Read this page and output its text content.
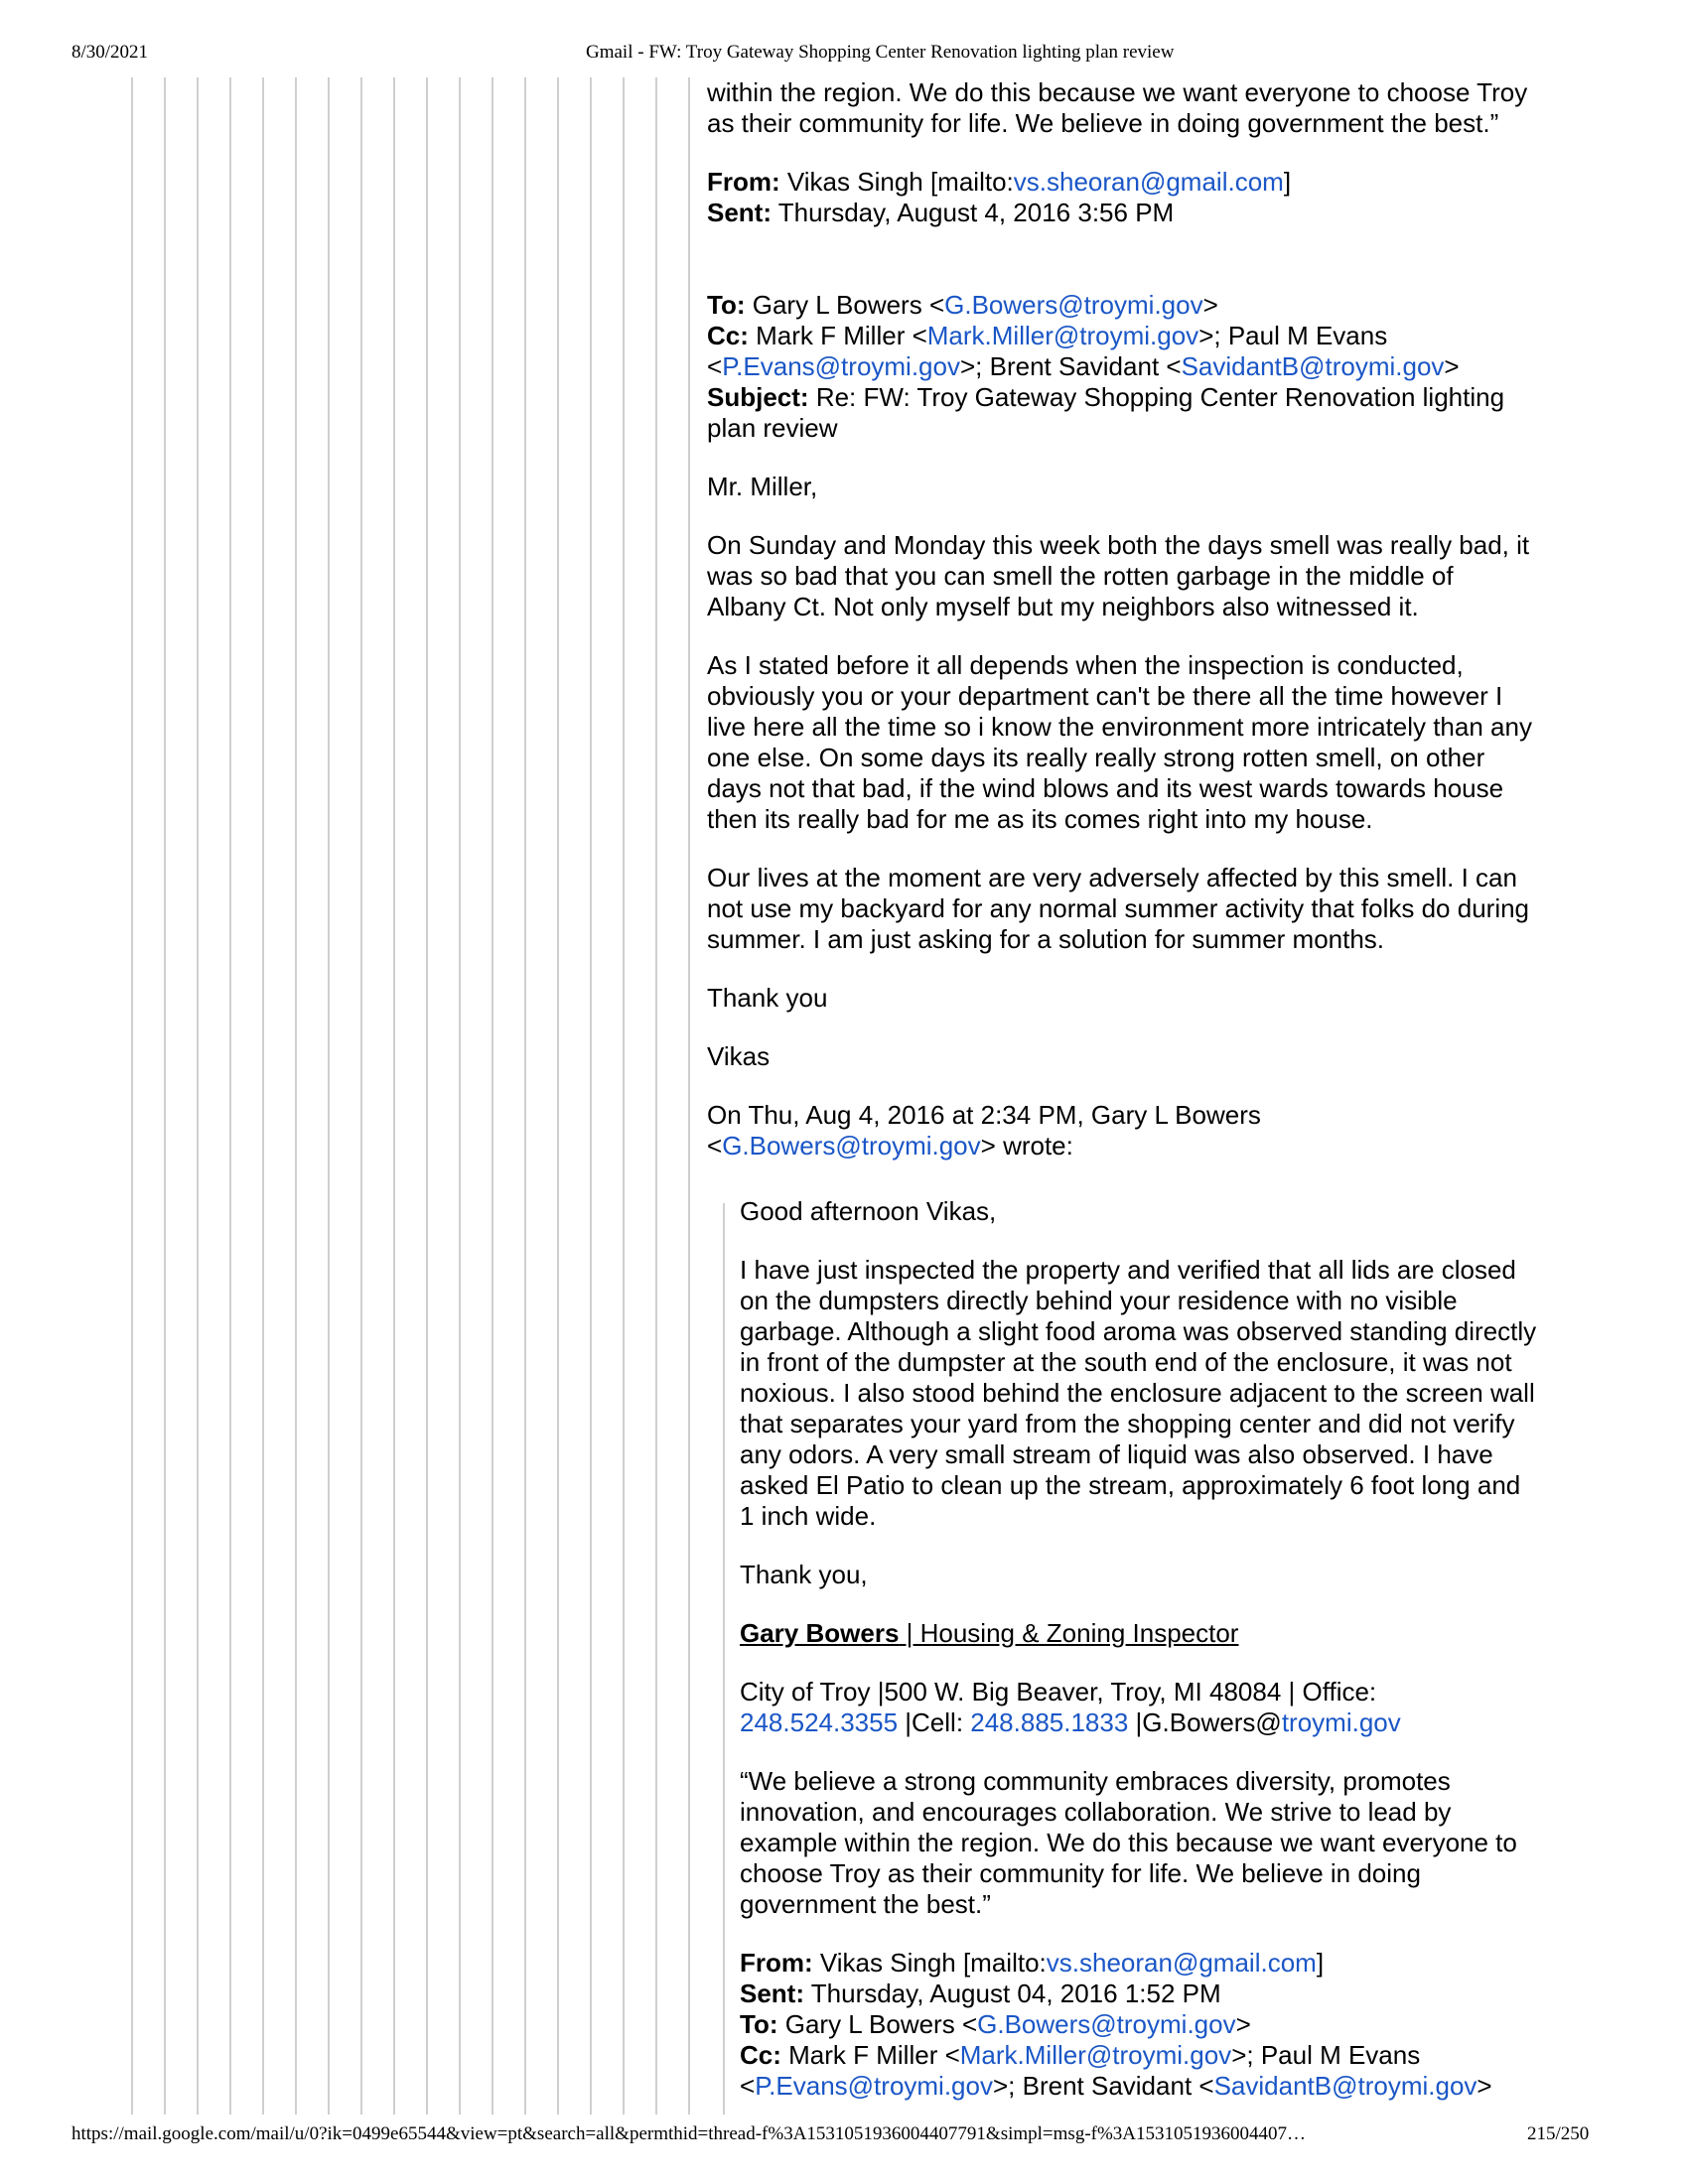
8/30/2021	Gmail - FW: Troy Gateway Shopping Center Renovation lighting plan review

within the region. We do this because we want everyone to choose Troy
as their community for life. We believe in doing government the best.”

From: Vikas Singh [mailto:vs.sheoran@gmail.com]

Sent: Thursday, August 4, 2016 3:56 PM

To: Gary L Bowers <G.Bowers@troymi.gov>

Cc: Mark F Miller <Mark.Miller@troymi.gov>; Paul M Evans
<P.Evans@troymi.gov>; Brent Savidant <SavidantB@troymi.gov>

Subject: Re: FW: Troy Gateway Shopping Center Renovation lighting
plan review

Mr. Miller,

On Sunday and Monday this week both the days smell was really bad, it
was so bad that you can smell the rotten garbage in the middle of
Albany Ct. Not only myself but my neighbors also witnessed it.

As I stated before it all depends when the inspection is conducted,
obviously you or your department can't be there all the time however I
live here all the time so i know the environment more intricately than any
one else. On some days its really really strong rotten smell, on other
days not that bad, if the wind blows and its west wards towards house
then its really bad for me as its comes right into my house.

Our lives at the moment are very adversely affected by this smell. I can
not use my backyard for any normal summer activity that folks do during
summer. I am just asking for a solution for summer months.

Thank you

Vikas

On Thu, Aug 4, 2016 at 2:34 PM, Gary L Bowers
<G.Bowers@troymi.gov> wrote:

Good afternoon Vikas,

I have just inspected the property and verified that all lids are closed
on the dumpsters directly behind your residence with no visible
garbage. Although a slight food aroma was observed standing directly
in front of the dumpster at the south end of the enclosure, it was not
noxious. I also stood behind the enclosure adjacent to the screen wall
that separates your yard from the shopping center and did not verify
any odors. A very small stream of liquid was also observed. I have
asked El Patio to clean up the stream, approximately 6 foot long and
1 inch wide.

Thank you,

Gary Bowers | Housing & Zoning Inspector

City of Troy |500 W. Big Beaver, Troy, MI 48084 | Office:
248.524.3355 |Cell: 248.885.1833 |G.Bowers@troymi.gov

“We believe a strong community embraces diversity, promotes
innovation, and encourages collaboration. We strive to lead by
example within the region. We do this because we want everyone to
choose Troy as their community for life. We believe in doing
government the best.”

From: Vikas Singh [mailto:vs.sheoran@gmail.com]

Sent: Thursday, August 04, 2016 1:52 PM

To: Gary L Bowers <G.Bowers@troymi.gov>

Cc: Mark F Miller <Mark.Miller@troymi.gov>; Paul M Evans
<P.Evans@troymi.gov>; Brent Savidant <SavidantB@troymi.gov>

https://mail.google.com/mail/u/0?ik=0499e65544&view=pt&search=all&permthid=thread-f%3A1531051936004407791&simpl=msg-f%3A1531051936004407…	215/250
